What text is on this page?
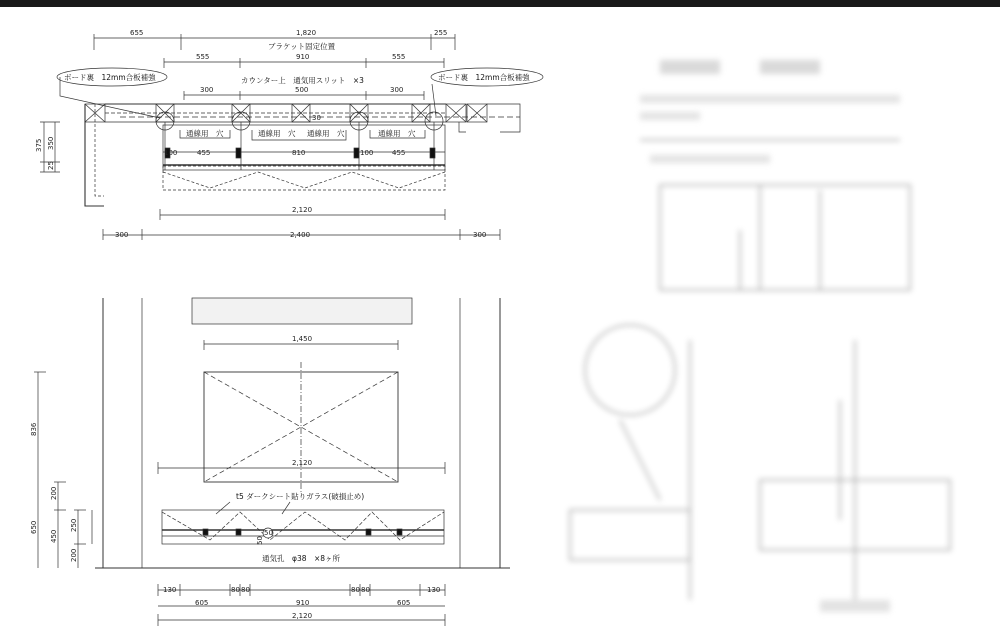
655	1,820	255
ブラケット固定位置
555	910	555
ボード裏　12mm合板補強	ボード裏　12mm合板補強
カウンター上　通気用スリット　×3
300	500	300
30
通線用　穴	通線用　穴 通線用　穴	通線用　穴
100	455	810	100	455
2,120
300	2,400	300
375 350
25
1,450
2,120
t5 ダークシート貼りガラス(破損止め)
50
50
通気孔　φ38　×8ヶ所
836
200
650
450
250
200
130	80 80	80 80	130
605	910	605
2,120
